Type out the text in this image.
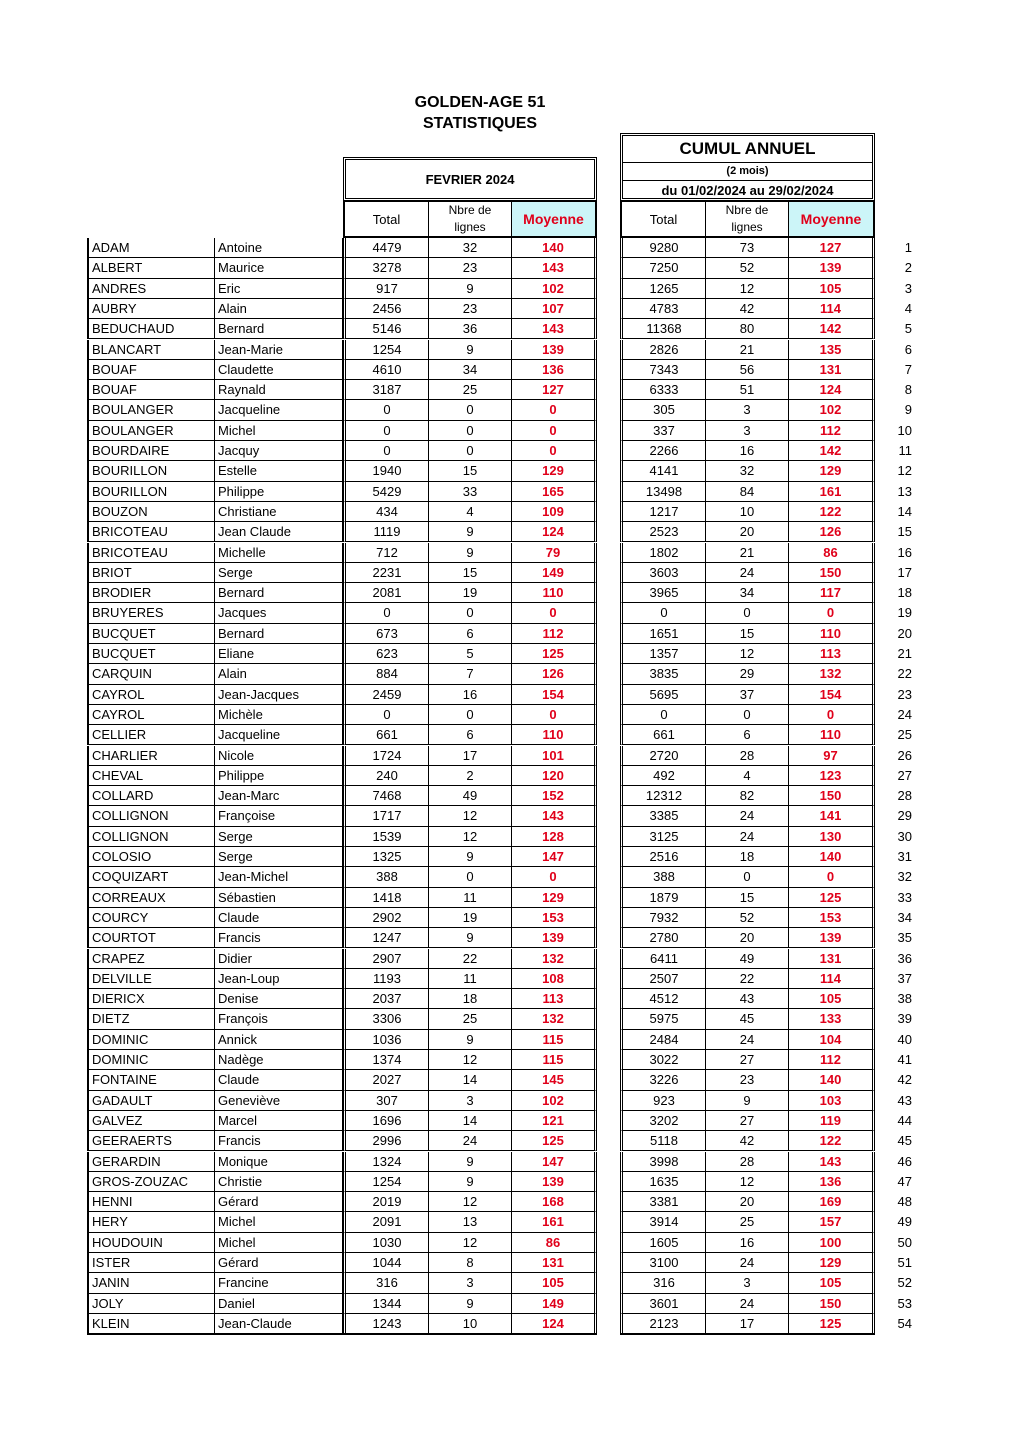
GOLDEN-AGE 51
STATISTIQUES
FEVRIER 2024
CUMUL ANNUEL
(2 mois)
du 01/02/2024 au 29/02/2024
Total
Nbre de
lignes
Moyenne	Total
Nbre de
lignes
Moyenne
ADAM	Antoine	4479	32	140	9280	73	127	1
ALBERT	Maurice	3278	23	143	7250	52	139	2
ANDRES	Eric	917	9	102	1265	12	105	3
AUBRY	Alain	2456	23	107	4783	42	114	4
BEDUCHAUD	Bernard	5146	36	143	11368	80	142	5
BLANCART	Jean-Marie	1254	9	139	2826	21	135	6
BOUAF	Claudette	4610	34	136	7343	56	131	7
BOUAF	Raynald	3187	25	127	6333	51	124	8
BOULANGER	Jacqueline	0	0	0	305	3	102	9
BOULANGER	Michel	0	0	0	337	3	112	10
BOURDAIRE	Jacquy	0	0	0	2266	16	142	11
BOURILLON	Estelle	1940	15	129	4141	32	129	12
BOURILLON	Philippe	5429	33	165	13498	84	161	13
BOUZON	Christiane	434	4	109	1217	10	122	14
BRICOTEAU	Jean Claude	1119	9	124	2523	20	126	15
BRICOTEAU	Michelle	712	9	79	1802	21	86	16
BRIOT	Serge	2231	15	149	3603	24	150	17
BRODIER	Bernard	2081	19	110	3965	34	117	18
BRUYERES	Jacques	0	0	0	0	0	0	19
BUCQUET	Bernard	673	6	112	1651	15	110	20
BUCQUET	Eliane	623	5	125	1357	12	113	21
CARQUIN	Alain	884	7	126	3835	29	132	22
CAYROL	Jean-Jacques	2459	16	154	5695	37	154	23
CAYROL	Michèle	0	0	0	0	0	0	24
CELLIER	Jacqueline	661	6	110	661	6	110	25
CHARLIER	Nicole	1724	17	101	2720	28	97	26
CHEVAL	Philippe	240	2	120	492	4	123	27
COLLARD	Jean-Marc	7468	49	152	12312	82	150	28
COLLIGNON	Françoise	1717	12	143	3385	24	141	29
COLLIGNON	Serge	1539	12	128	3125	24	130	30
COLOSIO	Serge	1325	9	147	2516	18	140	31
COQUIZART	Jean-Michel	388	0	0	388	0	0	32
CORREAUX	Sébastien	1418	11	129	1879	15	125	33
COURCY	Claude	2902	19	153	7932	52	153	34
COURTOT	Francis	1247	9	139	2780	20	139	35
CRAPEZ	Didier	2907	22	132	6411	49	131	36
DELVILLE	Jean-Loup	1193	11	108	2507	22	114	37
DIERICX	Denise	2037	18	113	4512	43	105	38
DIETZ	François	3306	25	132	5975	45	133	39
DOMINIC	Annick	1036	9	115	2484	24	104	40
DOMINIC	Nadège	1374	12	115	3022	27	112	41
FONTAINE	Claude	2027	14	145	3226	23	140	42
GADAULT	Geneviève	307	3	102	923	9	103	43
GALVEZ	Marcel	1696	14	121	3202	27	119	44
GEERAERTS	Francis	2996	24	125	5118	42	122	45
GERARDIN	Monique	1324	9	147	3998	28	143	46
GROS-ZOUZAC	Christie	1254	9	139	1635	12	136	47
HENNI	Gérard	2019	12	168	3381	20	169	48
HERY	Michel	2091	13	161	3914	25	157	49
HOUDOUIN	Michel	1030	12	86	1605	16	100	50
ISTER	Gérard	1044	8	131	3100	24	129	51
JANIN	Francine	316	3	105	316	3	105	52
JOLY	Daniel	1344	9	149	3601	24	150	53
KLEIN	Jean-Claude	1243	10	124	2123	17	125	54
